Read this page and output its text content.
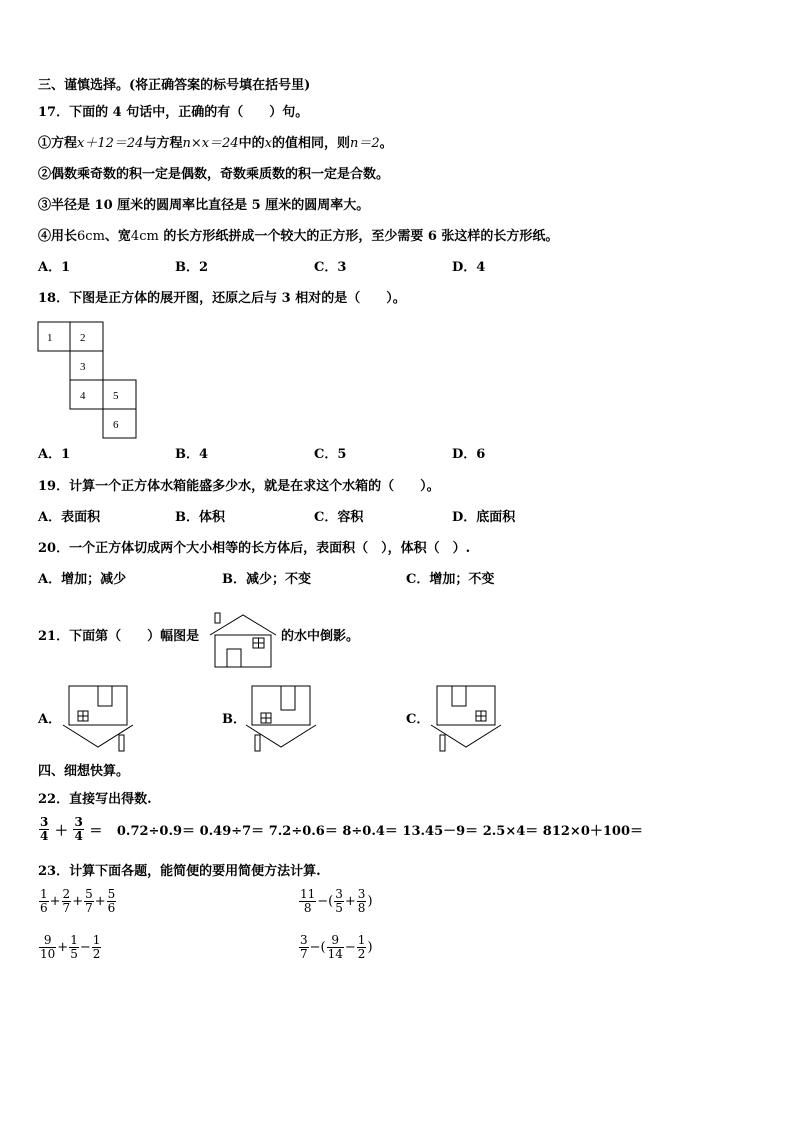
三、谨慎选择。(将正确答案的标号填在括号里)
17．下面的 4 句话中，正确的有（　　）句。
①方程x＋12＝24与方程n×x＝24中的x的值相同，则n＝2。
②偶数乘奇数的积一定是偶数，奇数乘质数的积一定是合数。
③半径是 10 厘米的圆周率比直径是 5 厘米的圆周率大。
④用长6cm、宽4cm 的长方形纸拼成一个较大的正方形，至少需要 6 张这样的长方形纸。
A．1	B．2	C．3	D．4
18．下图是正方体的展开图，还原之后与 3 相对的是（　　）。
1	2
3
4	5
6
A．1	B．4	C．5	D．6
19．计算一个正方体水箱能盛多少水，就是在求这个水箱的（　　）。
A．表面积	B．体积	C．容积	D．底面积
20．一个正方体切成两个大小相等的长方体后，表面积（　），体积（　）.
A．增加；减少	B．减少；不变	C．增加；不变
21．下面第（　　）幅图是	的水中倒影。
A．	B．	C．
四、细想快算。
22．直接写出得数.
$\frac{3}{4} + \frac{3}{4} = 0.72\div 0.9= 0.49\div 7= 7.2\div 0.6= 8\div 0.4= 13.45-9= 2.5\times 4= 812\times 0+100=$
23．计算下面各题，能简便的要用简便方法计算.
$\frac{1}{6} + \frac{2}{7} + \frac{5}{7} + \frac{5}{6}$	$\frac{11}{8}$ −( $\frac{3}{5} + \frac{3}{8}$ )
$\frac{9}{10} + \frac{1}{5} - \frac{1}{2}$	$\frac{3}{7}$ −( $\frac{9}{14} - \frac{1}{2}$ )
